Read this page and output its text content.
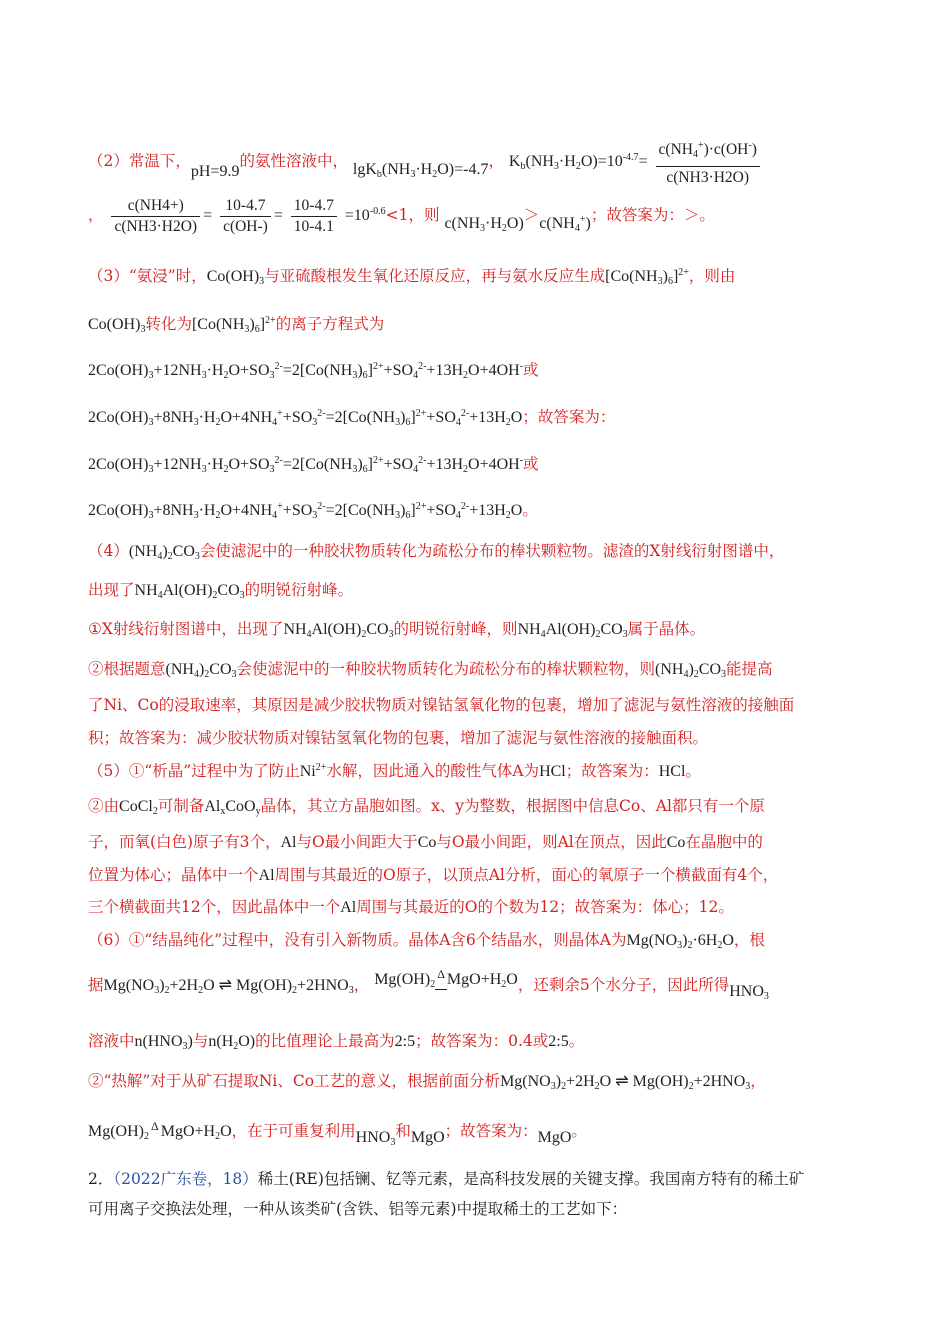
（2）常温下，pH=9.9的氨性溶液中， $\lg K_b(NH_3\cdot H_2O)=-4.7$， $K_b(NH_3\cdot H_2O)=10^{-4.7}= \frac{c(NH_4^+)\cdot c(OH^-)}{c(NH3\cdot H2O)}$
， $\frac{c(NH4+)}{c(NH3\cdot H2O)} = \frac{10-4.7}{c(OH-)} = \frac{10-4.7}{10-4.1} =10^{-0.6}<1$，则 $c(NH_3\cdot H_2O)>c(NH_4^+)$；故答案为：＞。
（3）“氨浸”时，$Co(OH)_3$与亚硫酸根发生氧化还原反应，再与氨水反应生成$[Co(NH_3)_6]^{2+}$，则由
$Co(OH)_3$转化为$[Co(NH_3)_6]^{2+}$的离子方程式为
$2Co(OH)_3+12NH_3\cdot H_2O+SO_3^{2-}=2[Co(NH_3)_6]^{2+}+SO_4^{2-}+13H_2O+4OH^-$或
$2Co(OH)_3+8NH_3\cdot H_2O+4NH_4^++SO_3^{2-}=2[Co(NH_3)_6]^{2+}+SO_4^{2-}+13H_2O$；故答案为：
$2Co(OH)_3+12NH_3\cdot H_2O+SO_3^{2-}=2[Co(NH_3)_6]^{2+}+SO_4^{2-}+13H_2O+4OH^-$或
$2Co(OH)_3+8NH_3\cdot H_2O+4NH_4^++SO_3^{2-}=2[Co(NH_3)_6]^{2+}+SO_4^{2-}+13H_2O$。
$(4)(NH_4)_2CO_3$会使滤泥中的一种胶状物质转化为疏松分布的棒状颗粒物。滤渣的X射线衍射图谱中，
出现了$NH_4Al(OH)_2CO_3$的明锐衍射峰。
①X射线衍射图谱中，出现了$NH_4Al(OH)_2CO_3$的明锐衍射峰，则$NH_4Al(OH)_2CO_3$属于晶体。
②根据题意$(NH_4)_2CO_3$会使滤泥中的一种胶状物质转化为疏松分布的棒状颗粒物，则$(NH_4)_2CO_3$能提高
了Ni、Co的浸取速率，其原因是减少胶状物质对镍钴氢氧化物的包裹，增加了滤泥与氨性溶液的接触面
积；故答案为：减少胶状物质对镍钴氢氧化物的包裹，增加了滤泥与氨性溶液的接触面积。
（5）①“析晶”过程中为了防止$Ni^{2+}$水解，因此通入的酸性气体A为HCl；故答案为：HCl。
②由CoCl$_2$可制备$Al_xCoO_y$晶体，其立方晶胞如图。x、y为整数，根据图中信息Co、Al都只有一个原
子，而氧(白色)原子有3个，Al与O最小间距大于Co与O最小间距，则Al在顶点，因此Co在晶胞中的
位置为体心；晶体中一个Al周围与其最近的O原子，以顶点Al分析，面心的氧原子一个横截面有4个，
三个横截面共12个，因此晶体中一个Al周围与其最近的O的个数为12；故答案为：体心；12。
（6）①“结晶纯化”过程中，没有引入新物质。晶体A含6个结晶水，则晶体A为$Mg(NO_3)_2\cdot 6H_2O$，根
据$Mg(NO_3)_2+2H_2O$ ⇌ $Mg(OH)_2+2HNO_3$， $Mg(OH)_2\Delta$ $MgO+H_2O$，还剩余5个水分子，因此所得$HNO_3$
溶液中$n(HNO_3)$与$n(H_2O)$的比值理论上最高为2:5；故答案为：0.4或2:5。
②“热解”对于从矿石提取Ni、Co工艺的意义，根据前面分析$Mg(NO_3)_2+2H_2O$ ⇌ $Mg(OH)_2+2HNO_3$，
$Mg(OH)_2\Delta$ $MgO+H_2O$，在于可重复利用$HNO_3$和MgO；故答案为：MgO。
2．（2022广东卷，18）稀土(RE)包括镧、钇等元素，是高科技发展的关键支撑。我国南方特有的稀土矿
可用离子交换法处理，一种从该类矿(含铁、铝等元素)中提取稀土的工艺如下：
